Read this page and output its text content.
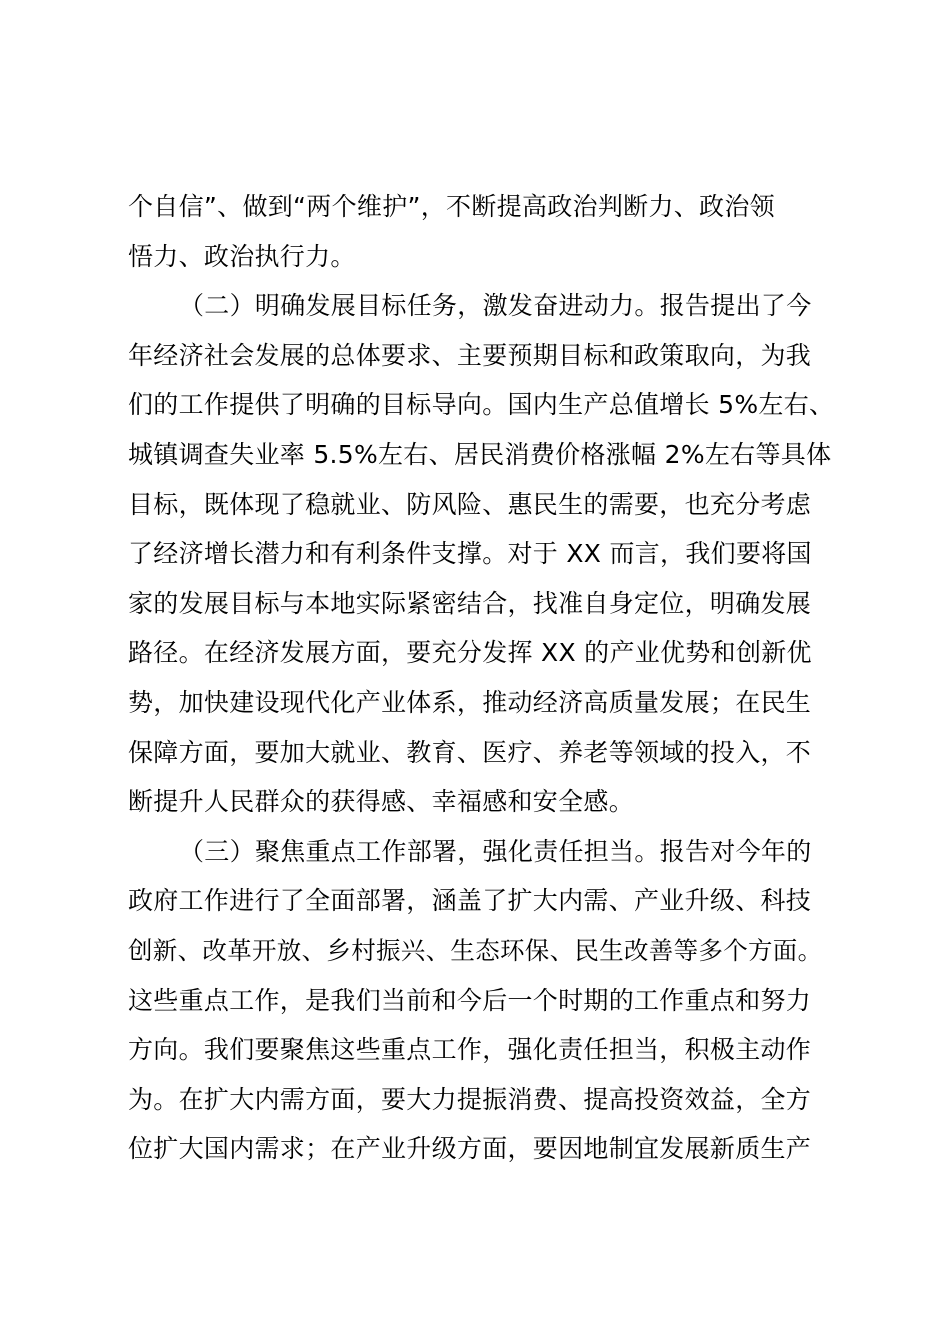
个自信”、做到“两个维护”，不断提高政治判断力、政治领
悟力、政治执行力。
（二）明确发展目标任务，激发奋进动力。报告提出了今
年经济社会发展的总体要求、主要预期目标和政策取向，为我
们的工作提供了明确的目标导向。国内生产总值增长 5%左右、
城镇调查失业率 5.5%左右、居民消费价格涨幅 2%左右等具体
目标，既体现了稳就业、防风险、惠民生的需要，也充分考虑
了经济增长潜力和有利条件支撑。对于 XX 而言，我们要将国
家的发展目标与本地实际紧密结合，找准自身定位，明确发展
路径。在经济发展方面，要充分发挥 XX 的产业优势和创新优
势，加快建设现代化产业体系，推动经济高质量发展；在民生
保障方面，要加大就业、教育、医疗、养老等领域的投入，不
断提升人民群众的获得感、幸福感和安全感。
（三）聚焦重点工作部署，强化责任担当。报告对今年的
政府工作进行了全面部署，涵盖了扩大内需、产业升级、科技
创新、改革开放、乡村振兴、生态环保、民生改善等多个方面。
这些重点工作，是我们当前和今后一个时期的工作重点和努力
方向。我们要聚焦这些重点工作，强化责任担当，积极主动作
为。在扩大内需方面，要大力提振消费、提高投资效益，全方
位扩大国内需求；在产业升级方面，要因地制宜发展新质生产
